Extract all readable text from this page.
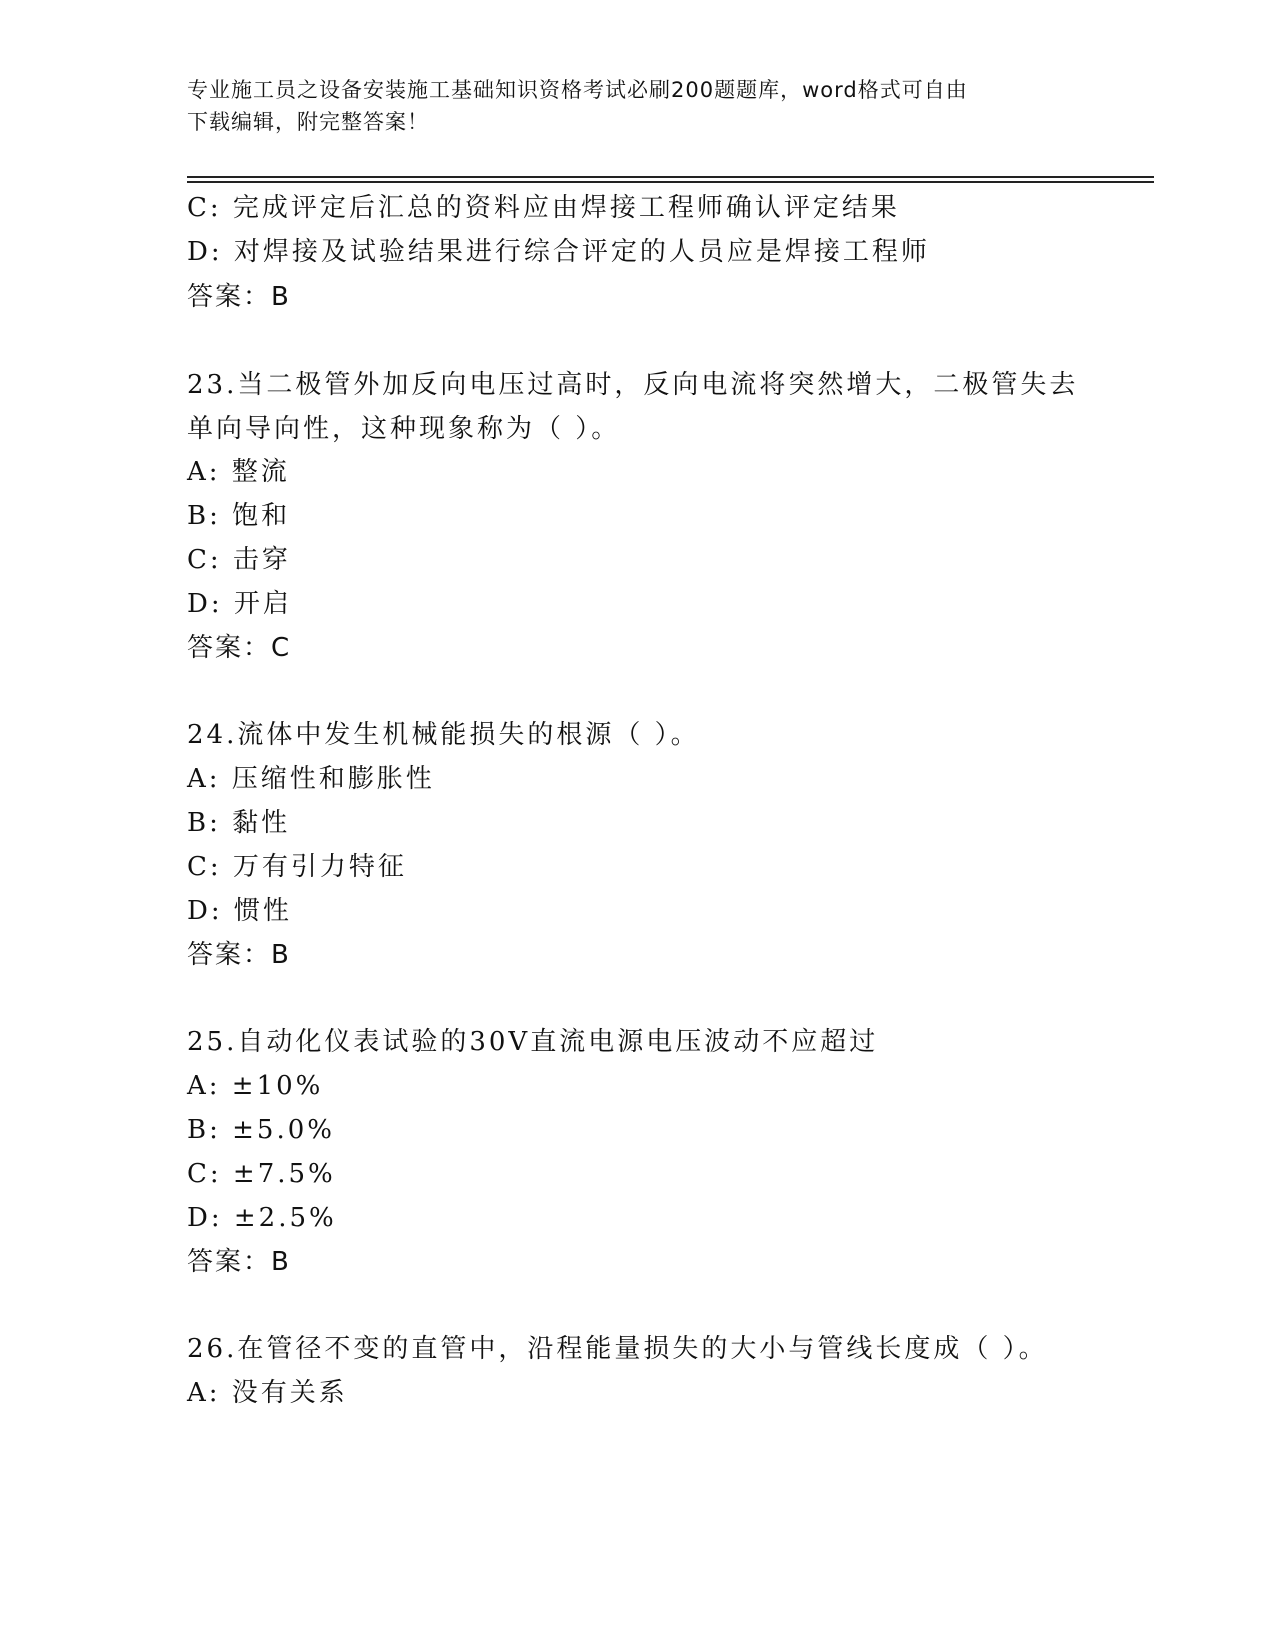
专业施工员之设备安装施工基础知识资格考试必刷200题题库，word格式可自由
下载编辑，附完整答案！
C: 完成评定后汇总的资料应由焊接工程师确认评定结果
D: 对焊接及试验结果进行综合评定的人员应是焊接工程师
答案：B
23.当二极管外加反向电压过高时，反向电流将突然增大，二极管失去
单向导向性，这种现象称为（ ）。
A: 整流
B: 饱和
C: 击穿
D: 开启
答案：C
24.流体中发生机械能损失的根源（ ）。
A: 压缩性和膨胀性
B: 黏性
C: 万有引力特征
D: 惯性
答案：B
25.自动化仪表试验的30V直流电源电压波动不应超过
A: ±10%
B: ±5.0%
C: ±7.5%
D: ±2.5%
答案：B
26.在管径不变的直管中，沿程能量损失的大小与管线长度成（ ）。
A: 没有关系
